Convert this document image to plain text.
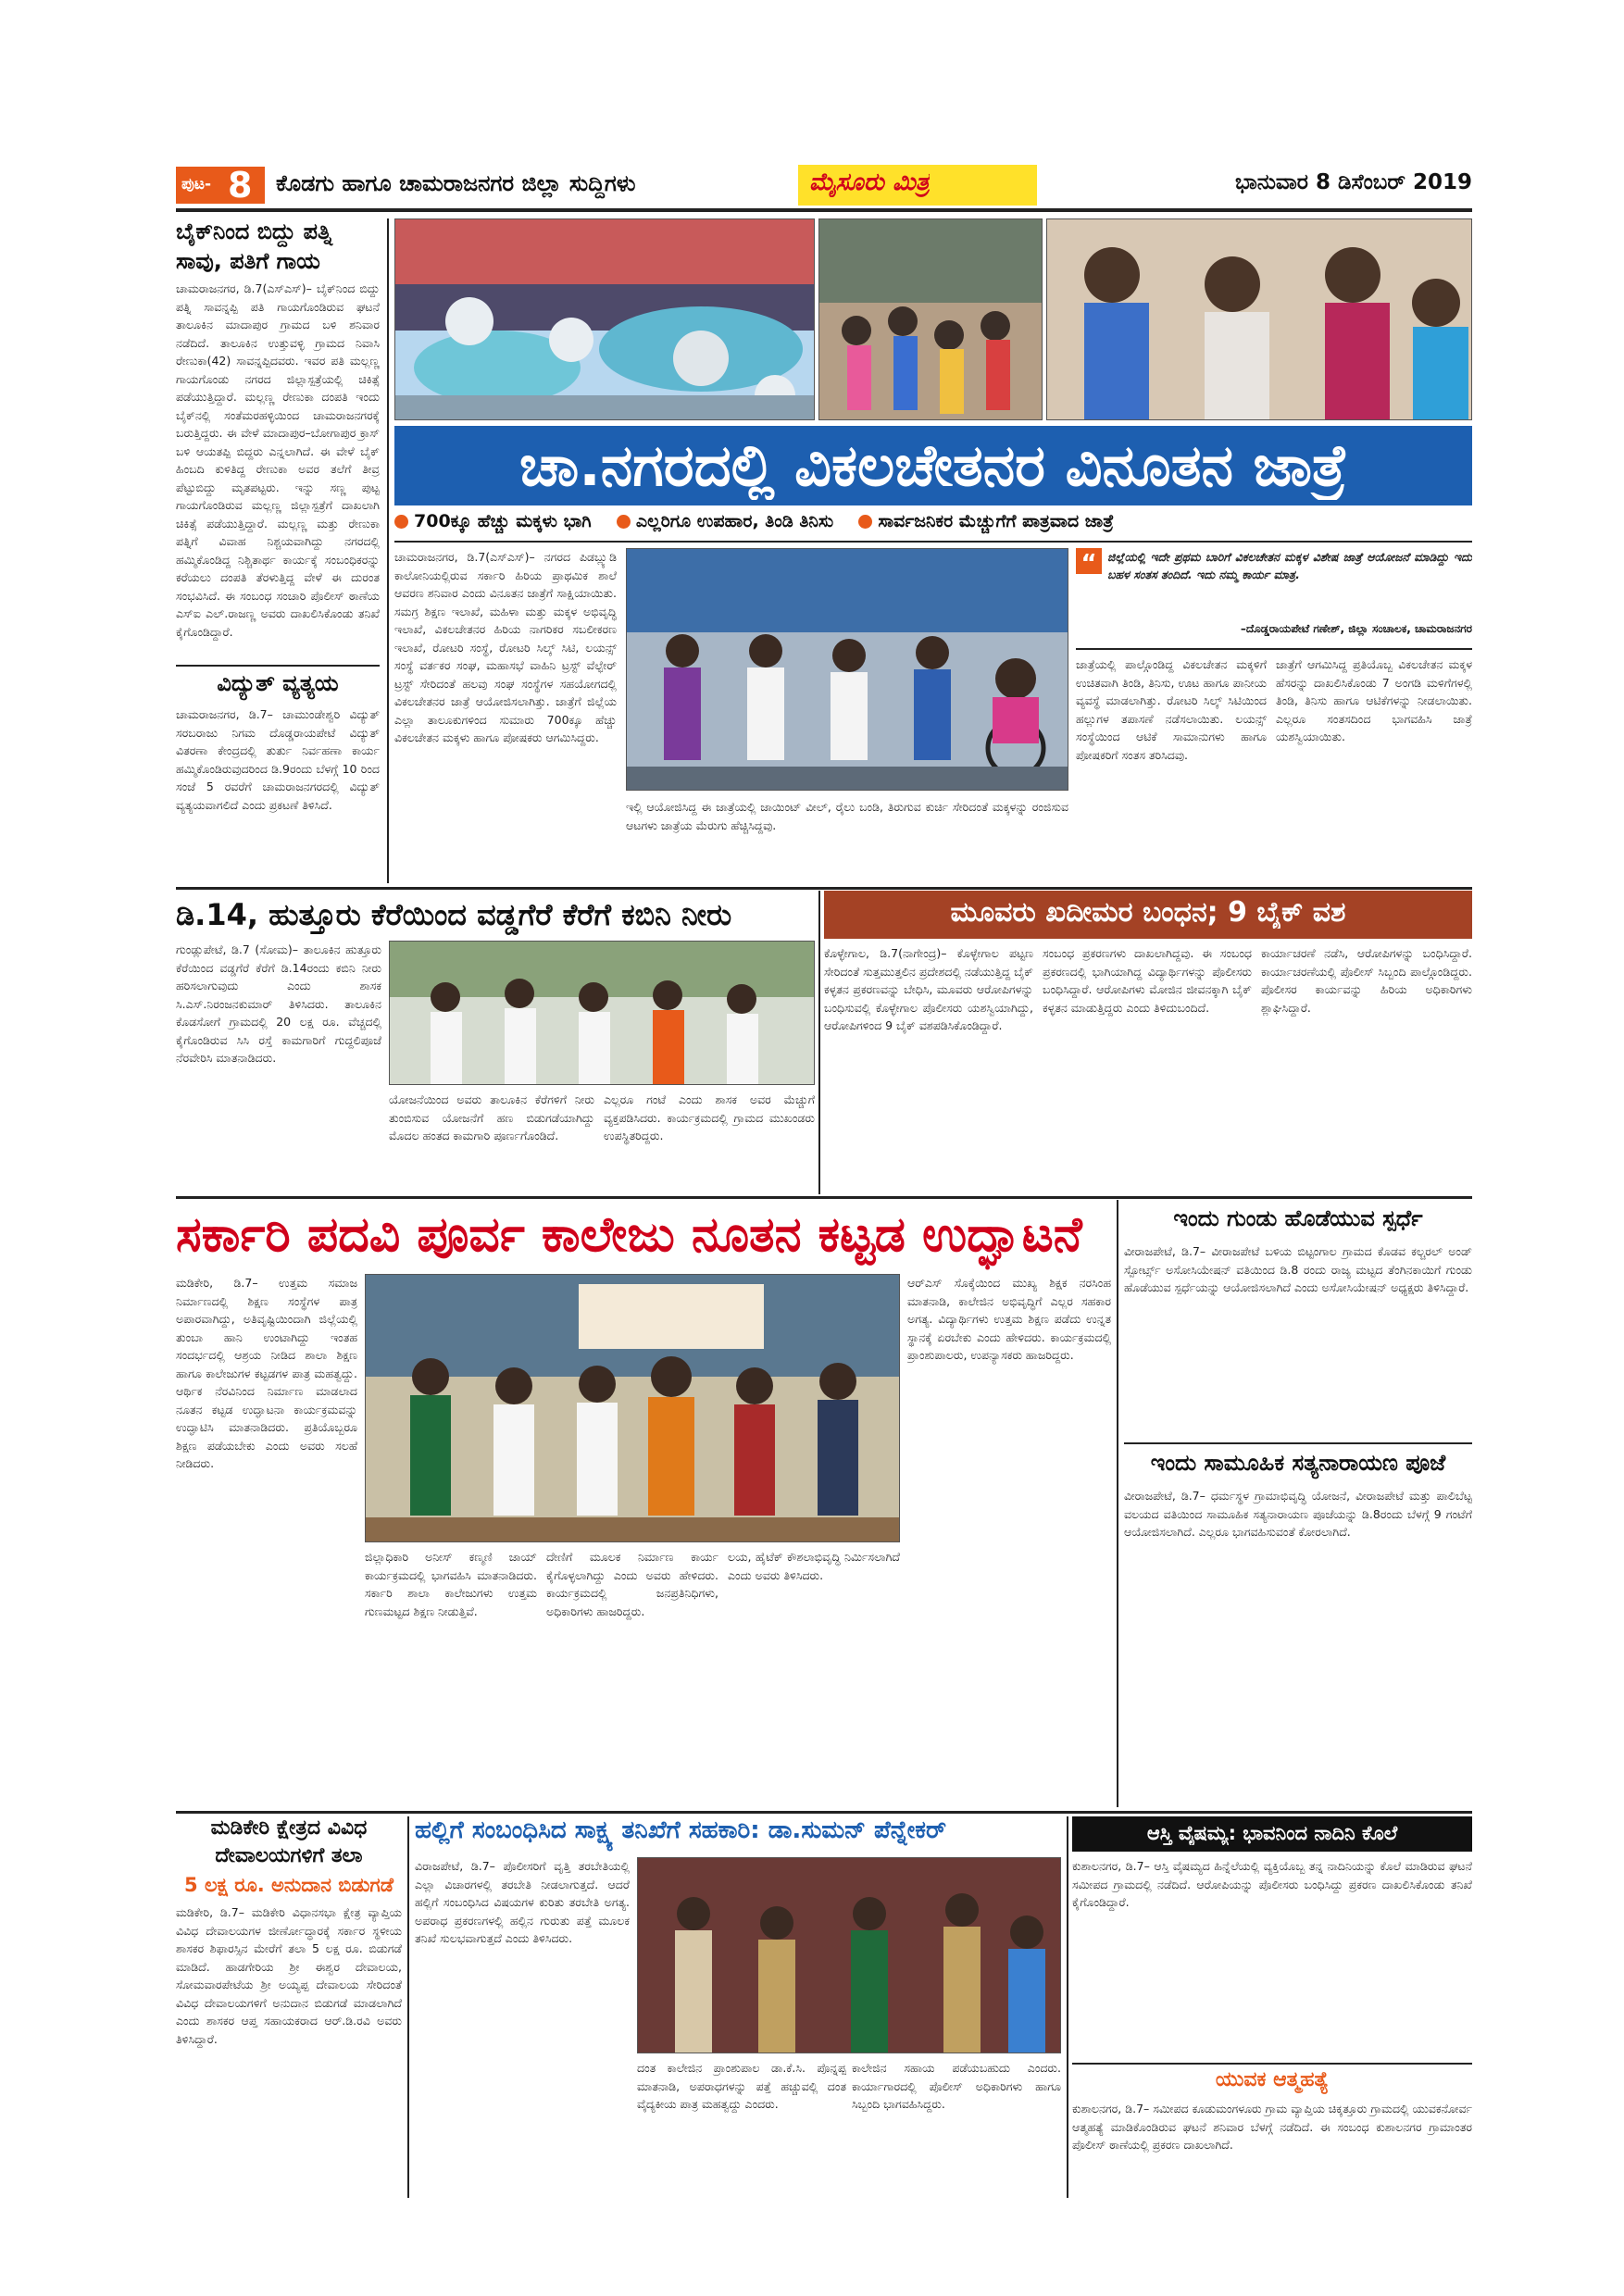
ಪುಟ- 8 ಕೊಡಗು ಹಾಗೂ ಚಾಮರಾಜನಗರ ಜಿಲ್ಲಾ ಸುದ್ದಿಗಳು	ಮೈಸೂರು ಮಿತ್ರ	ಭಾನುವಾರ 8 ಡಿಸೆಂಬರ್ 2019
ಬೈಕ್‌ನಿಂದ ಬಿದ್ದು ಪತ್ನಿ
ಸಾವು, ಪತಿಗೆ ಗಾಯ
ಚಾಮರಾಜನಗರ, ಡಿ.7(ಎಸ್‌ಎಸ್)– ಬೈಕ್‌ನಿಂದ ಬಿದ್ದು ಪತ್ನಿ ಸಾವನ್ನಪ್ಪಿ ಪತಿ ಗಾಯಗೊಂಡಿರುವ ಘಟನೆ ತಾಲೂಕಿನ ಮಾದಾಪುರ ಗ್ರಾಮದ ಬಳಿ ಶನಿವಾರ ನಡೆದಿದೆ. ತಾಲೂಕಿನ ಉತ್ತುವಳ್ಳಿ ಗ್ರಾಮದ ನಿವಾಸಿ ರೇಣುಕಾ(42) ಸಾವನ್ನಪ್ಪಿದವರು. ಇವರ ಪತಿ ಮಲ್ಲಣ್ಣ ಗಾಯಗೊಂಡು ನಗರದ ಜಿಲ್ಲಾಸ್ಪತ್ರೆಯಲ್ಲಿ ಚಿಕಿತ್ಸೆ ಪಡೆಯುತ್ತಿದ್ದಾರೆ. ಮಲ್ಲಣ್ಣ ರೇಣುಕಾ ದಂಪತಿ ಇಂದು ಬೈಕ್‌ನಲ್ಲಿ ಸಂತೆಮರಹಳ್ಳಿಯಿಂದ ಚಾಮರಾಜನಗರಕ್ಕೆ ಬರುತ್ತಿದ್ದರು. ಈ ವೇಳೆ ಮಾದಾಪುರ–ಬೋಗಾಪುರ ಕ್ರಾಸ್ ಬಳಿ ಆಯತಪ್ಪಿ ಬಿದ್ದರು ಎನ್ನಲಾಗಿದೆ. ಈ ವೇಳೆ ಬೈಕ್ ಹಿಂಬದಿ ಕುಳಿತಿದ್ದ ರೇಣುಕಾ ಅವರ ತಲೆಗೆ ತೀವ್ರ ಪೆಟ್ಟುಬಿದ್ದು ಮೃತಪಟ್ಟರು. ಇನ್ನು ಸಣ್ಣ ಪುಟ್ಟ ಗಾಯಗೊಂಡಿರುವ ಮಲ್ಲಣ್ಣ ಜಿಲ್ಲಾಸ್ಪತ್ರೆಗೆ ದಾಖಲಾಗಿ ಚಿಕಿತ್ಸೆ ಪಡೆಯುತ್ತಿದ್ದಾರೆ. ಮಲ್ಲಣ್ಣ ಮತ್ತು ರೇಣುಕಾ ಪತ್ನಿಗೆ ವಿವಾಹ ನಿಶ್ಚಯವಾಗಿದ್ದು ನಗರದಲ್ಲಿ ಹಮ್ಮಿಕೊಂಡಿದ್ದ ನಿಶ್ಚಿತಾರ್ಥ ಕಾರ್ಯಕ್ಕೆ ಸಂಬಂಧಿಕರನ್ನು ಕರೆಯಲು ದಂಪತಿ ತೆರಳುತ್ತಿದ್ದ ವೇಳೆ ಈ ದುರಂತ ಸಂಭವಿಸಿದೆ. ಈ ಸಂಬಂಧ ಸಂಚಾರಿ ಪೊಲೀಸ್ ಠಾಣೆಯ ಎಸ್‌ಐ ಎಲ್.ರಾಜಣ್ಣ ಅವರು ದಾಖಲಿಸಿಕೊಂಡು ತನಿಖೆ ಕೈಗೊಂಡಿದ್ದಾರೆ.
ವಿದ್ಯುತ್ ವ್ಯತ್ಯಯ
ಚಾಮರಾಜನಗರ, ಡಿ.7– ಚಾಮುಂಡೇಶ್ವರಿ ವಿದ್ಯುತ್ ಸರಬರಾಜು ನಿಗಮ ದೊಡ್ಡರಾಯಪೇಟೆ ವಿದ್ಯುತ್ ವಿತರಣಾ ಕೇಂದ್ರದಲ್ಲಿ ತುರ್ತು ನಿರ್ವಹಣಾ ಕಾರ್ಯ ಹಮ್ಮಿಕೊಂಡಿರುವುದರಿಂದ ಡಿ.9ರಂದು ಬೆಳಗ್ಗೆ 10 ರಿಂದ ಸಂಜೆ 5 ರವರೆಗೆ ಚಾಮರಾಜನಗರದಲ್ಲಿ ವಿದ್ಯುತ್ ವ್ಯತ್ಯಯವಾಗಲಿದೆ ಎಂದು ಪ್ರಕಟಣೆ ತಿಳಿಸಿದೆ.
ಚಾ.ನಗರದಲ್ಲಿ ವಿಕಲಚೇತನರ ವಿನೂತನ ಜಾತ್ರೆ
700ಕ್ಕೂ ಹೆಚ್ಚು ಮಕ್ಕಳು ಭಾಗಿ	ಎಲ್ಲರಿಗೂ ಉಪಹಾರ, ತಿಂಡಿ ತಿನಿಸು	ಸಾರ್ವಜನಿಕರ ಮೆಚ್ಚುಗೆಗೆ ಪಾತ್ರವಾದ ಜಾತ್ರೆ
ಚಾಮರಾಜನಗರ, ಡಿ.7(ಎಸ್‌ಎಸ್)– ನಗರದ ಪಿಡಬ್ಲ್ಯುಡಿ ಕಾಲೋನಿಯಲ್ಲಿರುವ ಸರ್ಕಾರಿ ಹಿರಿಯ ಪ್ರಾಥಮಿಕ ಶಾಲೆ ಆವರಣ ಶನಿವಾರ ಎಂದು ವಿನೂತನ ಜಾತ್ರೆಗೆ ಸಾಕ್ಷಿಯಾಯಿತು. ಸಮಗ್ರ ಶಿಕ್ಷಣ ಇಲಾಖೆ, ಮಹಿಳಾ ಮತ್ತು ಮಕ್ಕಳ ಅಭಿವೃದ್ಧಿ ಇಲಾಖೆ, ವಿಕಲಚೇತನರ ಹಿರಿಯ ನಾಗರಿಕರ ಸಬಲೀಕರಣ ಇಲಾಖೆ, ರೋಟರಿ ಸಂಸ್ಥೆ, ರೋಟರಿ ಸಿಲ್ಕ್ ಸಿಟಿ, ಲಯನ್ಸ್ ಸಂಸ್ಥೆ ವರ್ತಕರ ಸಂಘ, ಮಹಾಸಭೆ ವಾಹಿನಿ ಟ್ರಸ್ಟ್ ವೆಲ್ಫೇರ್ ಟ್ರಸ್ಟ್ ಸೇರಿದಂತೆ ಹಲವು ಸಂಘ ಸಂಸ್ಥೆಗಳ ಸಹಯೋಗದಲ್ಲಿ ವಿಕಲಚೇತನರ ಜಾತ್ರೆ ಆಯೋಜಿಸಲಾಗಿತ್ತು. ಜಾತ್ರೆಗೆ ಜಿಲ್ಲೆಯ ಎಲ್ಲಾ ತಾಲೂಕುಗಳಿಂದ ಸುಮಾರು 700ಕ್ಕೂ ಹೆಚ್ಚು ವಿಕಲಚೇತನ ಮಕ್ಕಳು ಹಾಗೂ ಪೋಷಕರು ಆಗಮಿಸಿದ್ದರು.
ಇಲ್ಲಿ ಆಯೋಜಿಸಿದ್ದ ಈ ಜಾತ್ರೆಯಲ್ಲಿ ಜಾಯಿಂಟ್ ವೀಲ್, ರೈಲು ಬಂಡಿ, ತಿರುಗುವ ಕುರ್ಚಿ ಸೇರಿದಂತೆ ಮಕ್ಕಳನ್ನು ರಂಜಿಸುವ ಆಟಗಳು ಜಾತ್ರೆಯ ಮೆರುಗು ಹೆಚ್ಚಿಸಿದ್ದವು.
“ ಜಿಲ್ಲೆಯಲ್ಲಿ ಇದೇ ಪ್ರಥಮ ಬಾರಿಗೆ ವಿಕಲಚೇತನ ಮಕ್ಕಳ ವಿಶೇಷ ಜಾತ್ರೆ ಆಯೋಜನೆ ಮಾಡಿದ್ದು ಇದು ಬಹಳ ಸಂತಸ ತಂದಿದೆ. ಇದು ನಮ್ಮ ಕಾರ್ಯ ಮಾತ್ರ.
–ದೊಡ್ಡರಾಯಪೇಟೆ ಗಣೇಶ್, ಜಿಲ್ಲಾ ಸಂಚಾಲಕ, ಚಾಮರಾಜನಗರ
ಜಾತ್ರೆಯಲ್ಲಿ ಪಾಲ್ಗೊಂಡಿದ್ದ ವಿಕಲಚೇತನ ಮಕ್ಕಳಿಗೆ ಉಚಿತವಾಗಿ ತಿಂಡಿ, ತಿನಿಸು, ಊಟ ಹಾಗೂ ಪಾನೀಯ ವ್ಯವಸ್ಥೆ ಮಾಡಲಾಗಿತ್ತು. ರೋಟರಿ ಸಿಲ್ಕ್ ಸಿಟಿಯಿಂದ ಹಲ್ಲುಗಳ ತಪಾಸಣೆ ನಡೆಸಲಾಯಿತು. ಲಯನ್ಸ್ ಸಂಸ್ಥೆಯಿಂದ ಆಟಿಕೆ ಸಾಮಾನುಗಳು ಹಾಗೂ ಪೋಷಕರಿಗೆ ಸಂತಸ ತರಿಸಿದವು.
ಜಾತ್ರೆಗೆ ಆಗಮಿಸಿದ್ದ ಪ್ರತಿಯೊಬ್ಬ ವಿಕಲಚೇತನ ಮಕ್ಕಳ ಹೆಸರನ್ನು ದಾಖಲಿಸಿಕೊಂಡು 7 ಅಂಗಡಿ ಮಳಿಗೆಗಳಲ್ಲಿ ತಿಂಡಿ, ತಿನಿಸು ಹಾಗೂ ಆಟಿಕೆಗಳನ್ನು ನೀಡಲಾಯಿತು. ಎಲ್ಲರೂ ಸಂತಸದಿಂದ ಭಾಗವಹಿಸಿ ಜಾತ್ರೆ ಯಶಸ್ವಿಯಾಯಿತು.
ಡಿ.14, ಹುತ್ತೂರು ಕೆರೆಯಿಂದ ವಡ್ಡಗೆರೆ ಕೆರೆಗೆ ಕಬಿನಿ ನೀರು
ಗುಂಡ್ಲುಪೇಟೆ, ಡಿ.7 (ಸೋಮ)– ತಾಲೂಕಿನ ಹುತ್ತೂರು ಕೆರೆಯಿಂದ ವಡ್ಡಗೆರೆ ಕೆರೆಗೆ ಡಿ.14ರಂದು ಕಬಿನಿ ನೀರು ಹರಿಸಲಾಗುವುದು ಎಂದು ಶಾಸಕ ಸಿ.ಎಸ್.ನಿರಂಜನಕುಮಾರ್ ತಿಳಿಸಿದರು. ತಾಲೂಕಿನ ಕೊಡಸೋಗೆ ಗ್ರಾಮದಲ್ಲಿ 20 ಲಕ್ಷ ರೂ. ವೆಚ್ಚದಲ್ಲಿ ಕೈಗೊಂಡಿರುವ ಸಿಸಿ ರಸ್ತೆ ಕಾಮಗಾರಿಗೆ ಗುದ್ದಲಿಪೂಜೆ ನೆರವೇರಿಸಿ ಮಾತನಾಡಿದರು.
ಯೋಜನೆಯಿಂದ ಅವರು ತಾಲೂಕಿನ ಕೆರೆಗಳಿಗೆ ನೀರು ತುಂಬಿಸುವ ಯೋಜನೆಗೆ ಹಣ ಬಿಡುಗಡೆಯಾಗಿದ್ದು ಮೊದಲ ಹಂತದ ಕಾಮಗಾರಿ ಪೂರ್ಣಗೊಂಡಿದೆ.
ಎಲ್ಲರೂ ಗಂಟೆ ಎಂದು ಶಾಸಕ ಅವರ ಮೆಚ್ಚುಗೆ ವ್ಯಕ್ತಪಡಿಸಿದರು. ಕಾರ್ಯಕ್ರಮದಲ್ಲಿ ಗ್ರಾಮದ ಮುಖಂಡರು ಉಪಸ್ಥಿತರಿದ್ದರು.
ಮೂವರು ಖದೀಮರ ಬಂಧನ; 9 ಬೈಕ್ ವಶ
ಕೊಳ್ಳೇಗಾಲ, ಡಿ.7(ನಾಗೇಂದ್ರ)– ಕೊಳ್ಳೇಗಾಲ ಪಟ್ಟಣ ಸೇರಿದಂತೆ ಸುತ್ತಮುತ್ತಲಿನ ಪ್ರದೇಶದಲ್ಲಿ ನಡೆಯುತ್ತಿದ್ದ ಬೈಕ್ ಕಳ್ಳತನ ಪ್ರಕರಣವನ್ನು ಬೇಧಿಸಿ, ಮೂವರು ಆರೋಪಿಗಳನ್ನು ಬಂಧಿಸುವಲ್ಲಿ ಕೊಳ್ಳೇಗಾಲ ಪೊಲೀಸರು ಯಶಸ್ವಿಯಾಗಿದ್ದು, ಆರೋಪಿಗಳಿಂದ 9 ಬೈಕ್ ವಶಪಡಿಸಿಕೊಂಡಿದ್ದಾರೆ.
ಸಂಬಂಧ ಪ್ರಕರಣಗಳು ದಾಖಲಾಗಿದ್ದವು. ಈ ಸಂಬಂಧ ಪ್ರಕರಣದಲ್ಲಿ ಭಾಗಿಯಾಗಿದ್ದ ವಿದ್ಯಾರ್ಥಿಗಳನ್ನು ಪೊಲೀಸರು ಬಂಧಿಸಿದ್ದಾರೆ. ಆರೋಪಿಗಳು ಮೋಜಿನ ಜೀವನಕ್ಕಾಗಿ ಬೈಕ್ ಕಳ್ಳತನ ಮಾಡುತ್ತಿದ್ದರು ಎಂದು ತಿಳಿದುಬಂದಿದೆ.
ಕಾರ್ಯಾಚರಣೆ ನಡೆಸಿ, ಆರೋಪಿಗಳನ್ನು ಬಂಧಿಸಿದ್ದಾರೆ. ಕಾರ್ಯಾಚರಣೆಯಲ್ಲಿ ಪೊಲೀಸ್ ಸಿಬ್ಬಂದಿ ಪಾಲ್ಗೊಂಡಿದ್ದರು. ಪೊಲೀಸರ ಕಾರ್ಯವನ್ನು ಹಿರಿಯ ಅಧಿಕಾರಿಗಳು ಶ್ಲಾಘಿಸಿದ್ದಾರೆ.
ಸರ್ಕಾರಿ ಪದವಿ ಪೂರ್ವ ಕಾಲೇಜು ನೂತನ ಕಟ್ಟಡ ಉದ್ಘಾಟನೆ
ಮಡಿಕೇರಿ, ಡಿ.7– ಉತ್ತಮ ಸಮಾಜ ನಿರ್ಮಾಣದಲ್ಲಿ ಶಿಕ್ಷಣ ಸಂಸ್ಥೆಗಳ ಪಾತ್ರ ಅಪಾರವಾಗಿದ್ದು, ಅತಿವೃಷ್ಟಿಯಿಂದಾಗಿ ಜಿಲ್ಲೆಯಲ್ಲಿ ತುಂಬಾ ಹಾನಿ ಉಂಟಾಗಿದ್ದು ಇಂತಹ ಸಂದರ್ಭದಲ್ಲಿ ಆಶ್ರಯ ನೀಡಿದ ಶಾಲಾ ಶಿಕ್ಷಣ ಹಾಗೂ ಕಾಲೇಜುಗಳ ಕಟ್ಟಡಗಳ ಪಾತ್ರ ಮಹತ್ವದ್ದು. ಆರ್ಥಿಕ ನೆರವಿನಿಂದ ನಿರ್ಮಾಣ ಮಾಡಲಾದ ನೂತನ ಕಟ್ಟಡ ಉದ್ಘಾಟನಾ ಕಾರ್ಯಕ್ರಮವನ್ನು ಉದ್ಘಾಟಿಸಿ ಮಾತನಾಡಿದರು. ಪ್ರತಿಯೊಬ್ಬರೂ ಶಿಕ್ಷಣ ಪಡೆಯಬೇಕು ಎಂದು ಅವರು ಸಲಹೆ ನೀಡಿದರು.
ಜಿಲ್ಲಾಧಿಕಾರಿ ಅನೀಸ್ ಕಣ್ಮಣಿ ಜಾಯ್ ಕಾರ್ಯಕ್ರಮದಲ್ಲಿ ಭಾಗವಹಿಸಿ ಮಾತನಾಡಿದರು. ಸರ್ಕಾರಿ ಶಾಲಾ ಕಾಲೇಜುಗಳು ಉತ್ತಮ ಗುಣಮಟ್ಟದ ಶಿಕ್ಷಣ ನೀಡುತ್ತಿವೆ.
ದೇಣಿಗೆ ಮೂಲಕ ನಿರ್ಮಾಣ ಕಾರ್ಯ ಕೈಗೊಳ್ಳಲಾಗಿದ್ದು ಎಂದು ಅವರು ಹೇಳಿದರು. ಕಾರ್ಯಕ್ರಮದಲ್ಲಿ ಜನಪ್ರತಿನಿಧಿಗಳು, ಅಧಿಕಾರಿಗಳು ಹಾಜರಿದ್ದರು.
ಲಯ, ಹೈಟೆಕ್ ಕೌಶಲಾಭಿವೃದ್ಧಿ ನಿರ್ಮಿಸಲಾಗಿದೆ ಎಂದು ಅವರು ತಿಳಿಸಿದರು.
ಆರ್‌ಎಸ್ ಸೊಕ್ಕೆಯಿಂದ ಮುಖ್ಯ ಶಿಕ್ಷಕ ನರಸಿಂಹ ಮಾತನಾಡಿ, ಕಾಲೇಜಿನ ಅಭಿವೃದ್ಧಿಗೆ ಎಲ್ಲರ ಸಹಕಾರ ಅಗತ್ಯ. ವಿದ್ಯಾರ್ಥಿಗಳು ಉತ್ತಮ ಶಿಕ್ಷಣ ಪಡೆದು ಉನ್ನತ ಸ್ಥಾನಕ್ಕೆ ಏರಬೇಕು ಎಂದು ಹೇಳಿದರು. ಕಾರ್ಯಕ್ರಮದಲ್ಲಿ ಪ್ರಾಂಶುಪಾಲರು, ಉಪನ್ಯಾಸಕರು ಹಾಜರಿದ್ದರು.
ಇಂದು ಗುಂಡು ಹೊಡೆಯುವ ಸ್ಪರ್ಧೆ
ವೀರಾಜಪೇಟೆ, ಡಿ.7– ವೀರಾಜಪೇಟೆ ಬಳಿಯ ಬಿಟ್ಟಂಗಾಲ ಗ್ರಾಮದ ಕೊಡವ ಕಲ್ಚರಲ್ ಅಂಡ್ ಸ್ಪೋರ್ಟ್ಸ್ ಅಸೋಸಿಯೇಷನ್ ವತಿಯಿಂದ ಡಿ.8 ರಂದು ರಾಜ್ಯ ಮಟ್ಟದ ತೆಂಗಿನಕಾಯಿಗೆ ಗುಂಡು ಹೊಡೆಯುವ ಸ್ಪರ್ಧೆಯನ್ನು ಆಯೋಜಿಸಲಾಗಿದೆ ಎಂದು ಅಸೋಸಿಯೇಷನ್ ಅಧ್ಯಕ್ಷರು ತಿಳಿಸಿದ್ದಾರೆ.
ಇಂದು ಸಾಮೂಹಿಕ ಸತ್ಯನಾರಾಯಣ ಪೂಜೆ
ವೀರಾಜಪೇಟೆ, ಡಿ.7– ಧರ್ಮಸ್ಥಳ ಗ್ರಾಮಾಭಿವೃದ್ಧಿ ಯೋಜನೆ, ವೀರಾಜಪೇಟೆ ಮತ್ತು ಪಾಲಿಬೆಟ್ಟ ವಲಯದ ವತಿಯಿಂದ ಸಾಮೂಹಿಕ ಸತ್ಯನಾರಾಯಣ ಪೂಜೆಯನ್ನು ಡಿ.8ರಂದು ಬೆಳಗ್ಗೆ 9 ಗಂಟೆಗೆ ಆಯೋಜಿಸಲಾಗಿದೆ. ಎಲ್ಲರೂ ಭಾಗವಹಿಸುವಂತೆ ಕೋರಲಾಗಿದೆ.
ಮಡಿಕೇರಿ ಕ್ಷೇತ್ರದ ವಿವಿಧ
ದೇವಾಲಯಗಳಿಗೆ ತಲಾ
5 ಲಕ್ಷ ರೂ. ಅನುದಾನ ಬಿಡುಗಡೆ
ಮಡಿಕೇರಿ, ಡಿ.7– ಮಡಿಕೇರಿ ವಿಧಾನಸಭಾ ಕ್ಷೇತ್ರ ವ್ಯಾಪ್ತಿಯ ವಿವಿಧ ದೇವಾಲಯಗಳ ಜೀರ್ಣೋದ್ಧಾರಕ್ಕೆ ಸರ್ಕಾರ ಸ್ಥಳೀಯ ಶಾಸಕರ ಶಿಫಾರಸ್ಸಿನ ಮೇರೆಗೆ ತಲಾ 5 ಲಕ್ಷ ರೂ. ಬಿಡುಗಡೆ ಮಾಡಿದೆ. ಹಾಡಗೇರಿಯ ಶ್ರೀ ಈಶ್ವರ ದೇವಾಲಯ, ಸೋಮವಾರಪೇಟೆಯ ಶ್ರೀ ಅಯ್ಯಪ್ಪ ದೇವಾಲಯ ಸೇರಿದಂತೆ ವಿವಿಧ ದೇವಾಲಯಗಳಿಗೆ ಅನುದಾನ ಬಿಡುಗಡೆ ಮಾಡಲಾಗಿದೆ ಎಂದು ಶಾಸಕರ ಆಪ್ತ ಸಹಾಯಕರಾದ ಆರ್.ಡಿ.ರವಿ ಅವರು ತಿಳಿಸಿದ್ದಾರೆ.
ಹಲ್ಲಿಗೆ ಸಂಬಂಧಿಸಿದ ಸಾಕ್ಷ್ಯ ತನಿಖೆಗೆ ಸಹಕಾರಿ: ಡಾ.ಸುಮನ್ ಪೆನ್ನೇಕರ್
ವಿರಾಜಪೇಟೆ, ಡಿ.7– ಪೊಲೀಸರಿಗೆ ವೃತ್ತಿ ತರಬೇತಿಯಲ್ಲಿ ಎಲ್ಲಾ ವಿಚಾರಗಳಲ್ಲಿ ತರಬೇತಿ ನೀಡಲಾಗುತ್ತದೆ. ಆದರೆ ಹಲ್ಲಿಗೆ ಸಂಬಂಧಿಸಿದ ವಿಷಯಗಳ ಕುರಿತು ತರಬೇತಿ ಅಗತ್ಯ. ಅಪರಾಧ ಪ್ರಕರಣಗಳಲ್ಲಿ ಹಲ್ಲಿನ ಗುರುತು ಪತ್ತೆ ಮೂಲಕ ತನಿಖೆ ಸುಲಭವಾಗುತ್ತದೆ ಎಂದು ತಿಳಿಸಿದರು.
ದಂತ ಕಾಲೇಜಿನ ಪ್ರಾಂಶುಪಾಲ ಡಾ.ಕೆ.ಸಿ. ಪೊನ್ನಪ್ಪ ಮಾತನಾಡಿ, ಅಪರಾಧಗಳನ್ನು ಪತ್ತೆ ಹಚ್ಚುವಲ್ಲಿ ದಂತ ವೈದ್ಯಕೀಯ ಪಾತ್ರ ಮಹತ್ವದ್ದು ಎಂದರು.
ಕಾಲೇಜಿನ ಸಹಾಯ ಪಡೆಯಬಹುದು ಎಂದರು. ಕಾರ್ಯಾಗಾರದಲ್ಲಿ ಪೊಲೀಸ್ ಅಧಿಕಾರಿಗಳು ಹಾಗೂ ಸಿಬ್ಬಂದಿ ಭಾಗವಹಿಸಿದ್ದರು.
ಆಸ್ತಿ ವೈಷಮ್ಯ: ಭಾವನಿಂದ ನಾದಿನಿ ಕೊಲೆ
ಕುಶಾಲನಗರ, ಡಿ.7– ಆಸ್ತಿ ವೈಷಮ್ಯದ ಹಿನ್ನೆಲೆಯಲ್ಲಿ ವ್ಯಕ್ತಿಯೊಬ್ಬ ತನ್ನ ನಾದಿನಿಯನ್ನು ಕೊಲೆ ಮಾಡಿರುವ ಘಟನೆ ಸಮೀಪದ ಗ್ರಾಮದಲ್ಲಿ ನಡೆದಿದೆ. ಆರೋಪಿಯನ್ನು ಪೊಲೀಸರು ಬಂಧಿಸಿದ್ದು ಪ್ರಕರಣ ದಾಖಲಿಸಿಕೊಂಡು ತನಿಖೆ ಕೈಗೊಂಡಿದ್ದಾರೆ.
ಯುವಕ ಆತ್ಮಹತ್ಯೆ
ಕುಶಾಲನಗರ, ಡಿ.7– ಸಮೀಪದ ಕೂಡುಮಂಗಳೂರು ಗ್ರಾಮ ವ್ಯಾಪ್ತಿಯ ಚಿಕ್ಕತ್ತೂರು ಗ್ರಾಮದಲ್ಲಿ ಯುವಕನೋರ್ವ ಆತ್ಮಹತ್ಯೆ ಮಾಡಿಕೊಂಡಿರುವ ಘಟನೆ ಶನಿವಾರ ಬೆಳಗ್ಗೆ ನಡೆದಿದೆ. ಈ ಸಂಬಂಧ ಕುಶಾಲನಗರ ಗ್ರಾಮಾಂತರ ಪೊಲೀಸ್ ಠಾಣೆಯಲ್ಲಿ ಪ್ರಕರಣ ದಾಖಲಾಗಿದೆ.
